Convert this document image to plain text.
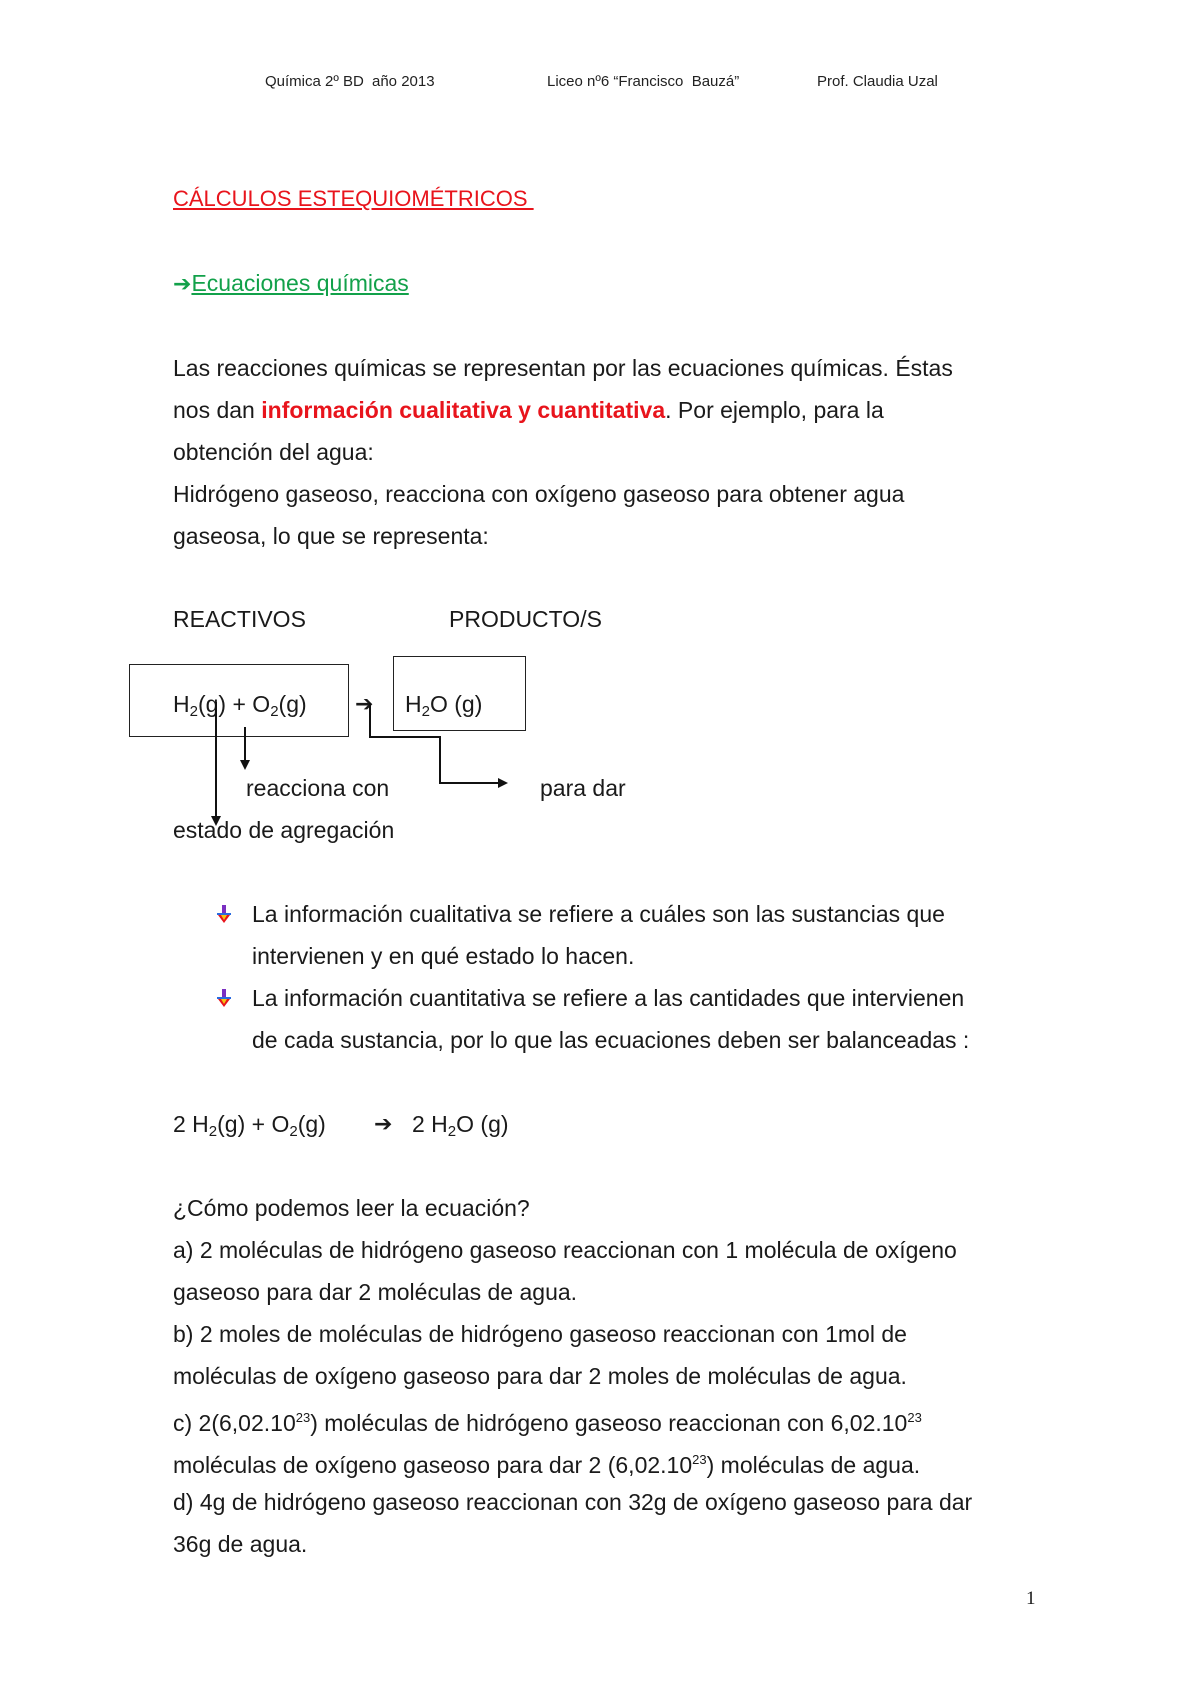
Química 2º BD año 2013	Liceo nº6 “Francisco  Bauzá”	Prof. Claudia Uzal
CÁLCULOS ESTEQUIOMÉTRICOS
➔Ecuaciones químicas
Las reacciones químicas se representan por las ecuaciones químicas. Éstas
nos dan información cualitativa y cuantitativa. Por ejemplo, para la
obtención del agua:
Hidrógeno gaseoso, reacciona con oxígeno gaseoso para obtener agua
gaseosa, lo que se representa:
REACTIVOS	PRODUCTO/S
$H_2(g) + O_2(g)$ ➔ $H_2O$ (g)
reacciona con	para dar
estado de agregación
La información cualitativa se refiere a cuáles son las sustancias que
intervienen y en qué estado lo hacen.
La información cuantitativa se refiere a las cantidades que intervienen
de cada sustancia, por lo que las ecuaciones deben ser balanceadas :
2 $H_2(g) + O_2(g)$ ➔ 2 $H_2O$ (g)
¿Cómo podemos leer la ecuación?
a) 2 moléculas de hidrógeno gaseoso reaccionan con 1 molécula de oxígeno
gaseoso para dar 2 moléculas de agua.
b) 2 moles de moléculas de hidrógeno gaseoso reaccionan con 1mol de
moléculas de oxígeno gaseoso para dar 2 moles de moléculas de agua.
c) 2(6,02.10$^{23}$) moléculas de hidrógeno gaseoso reaccionan con 6,02.10$^{23}$
moléculas de oxígeno gaseoso para dar 2 (6,02.10$^{23}$) moléculas de agua.
d) 4g de hidrógeno gaseoso reaccionan con 32g de oxígeno gaseoso para dar
36g de agua.
1
